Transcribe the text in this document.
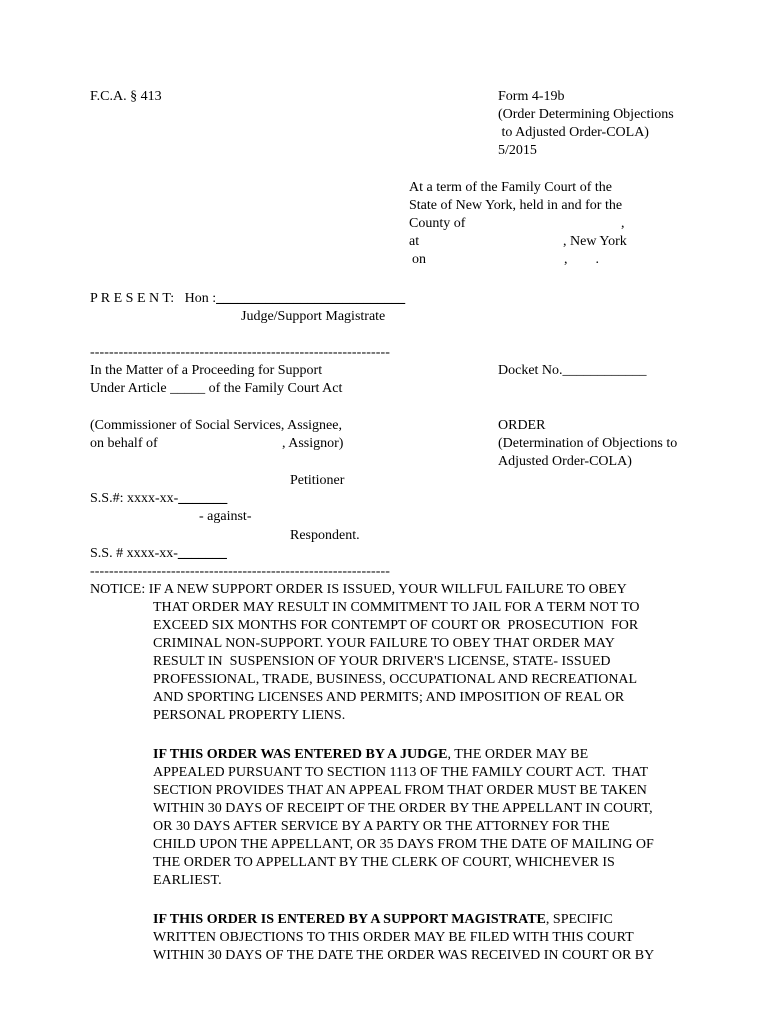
F.C.A. § 413	Form 4-19b
(Order Determining Objections
to Adjusted Order-COLA)
5/2015
At a term of the Family Court of the
State of New York, held in and for the
County of	,
at	, New York
on	,        .
P R E S E N T:   Hon :___________________________
Judge/Support Magistrate
---------------------------------------------------------------
In the Matter of a Proceeding for Support
Under Article _____ of the Family Court Act
(Commissioner of Social Services, Assignee,
on behalf of	, Assignor)
Petitioner
S.S.#: xxxx-xx-_______
- against-
Respondent.
S.S. # xxxx-xx-_______
---------------------------------------------------------------
Docket No.____________
ORDER
(Determination of Objections to
Adjusted Order-COLA)
NOTICE: IF A NEW SUPPORT ORDER IS ISSUED, YOUR WILLFUL FAILURE TO OBEY
THAT ORDER MAY RESULT IN COMMITMENT TO JAIL FOR A TERM NOT TO
EXCEED SIX MONTHS FOR CONTEMPT OF COURT OR  PROSECUTION  FOR
CRIMINAL NON-SUPPORT. YOUR FAILURE TO OBEY THAT ORDER MAY
RESULT IN  SUSPENSION OF YOUR DRIVER'S LICENSE, STATE- ISSUED
PROFESSIONAL, TRADE, BUSINESS, OCCUPATIONAL AND RECREATIONAL
AND SPORTING LICENSES AND PERMITS; AND IMPOSITION OF REAL OR
PERSONAL PROPERTY LIENS.
IF THIS ORDER WAS ENTERED BY A JUDGE, THE ORDER MAY BE
APPEALED PURSUANT TO SECTION 1113 OF THE FAMILY COURT ACT.  THAT
SECTION PROVIDES THAT AN APPEAL FROM THAT ORDER MUST BE TAKEN
WITHIN 30 DAYS OF RECEIPT OF THE ORDER BY THE APPELLANT IN COURT,
OR 30 DAYS AFTER SERVICE BY A PARTY OR THE ATTORNEY FOR THE
CHILD UPON THE APPELLANT, OR 35 DAYS FROM THE DATE OF MAILING OF
THE ORDER TO APPELLANT BY THE CLERK OF COURT, WHICHEVER IS
EARLIEST.
IF THIS ORDER IS ENTERED BY A SUPPORT MAGISTRATE, SPECIFIC
WRITTEN OBJECTIONS TO THIS ORDER MAY BE FILED WITH THIS COURT
WITHIN 30 DAYS OF THE DATE THE ORDER WAS RECEIVED IN COURT OR BY
